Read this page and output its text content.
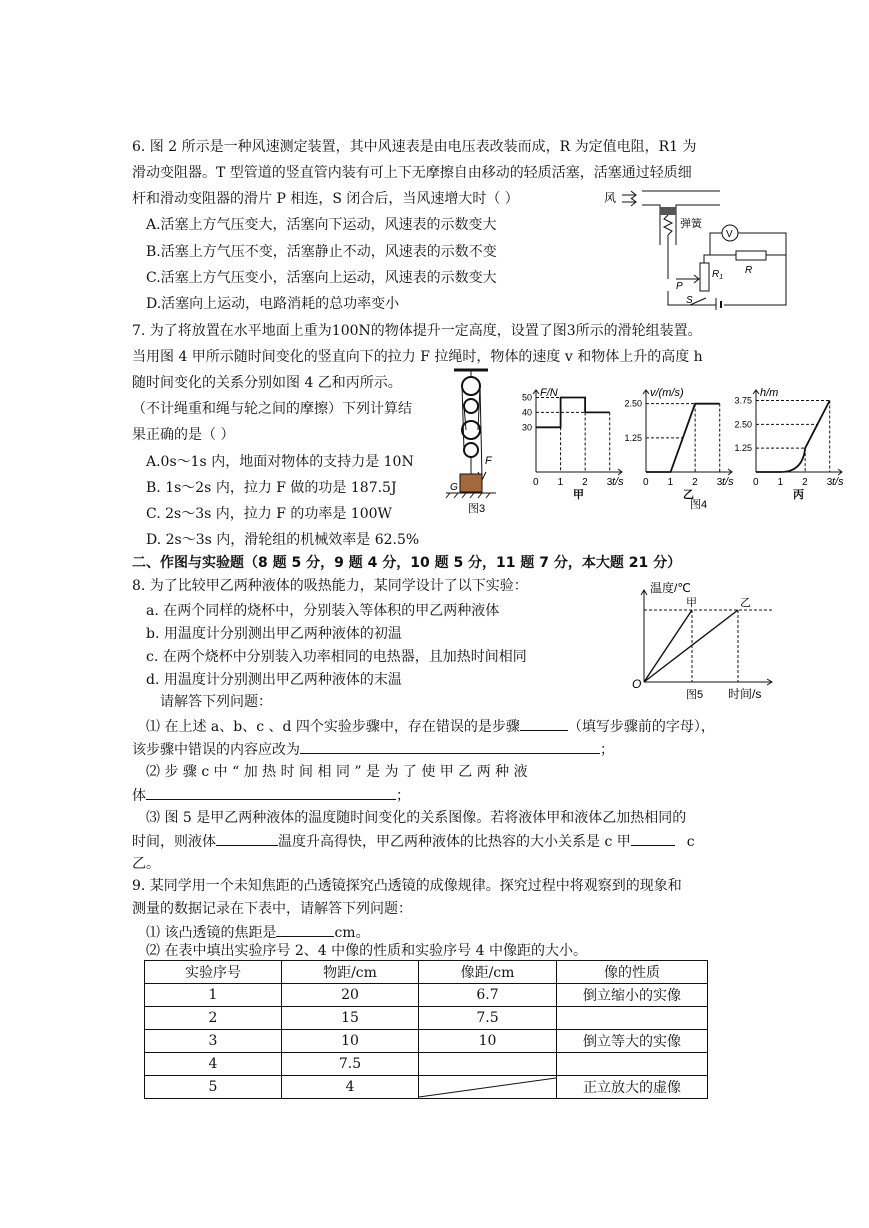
6. 图 2 所示是一种风速测定装置，其中风速表是由电压表改装而成，R 为定值电阻，R1 为
滑动变阻器。T 型管道的竖直管内装有可上下无摩擦自由移动的轻质活塞，活塞通过轻质细
杆和滑动变阻器的滑片 P 相连，S 闭合后，当风速增大时（ ）
A.活塞上方气压变大，活塞向下运动，风速表的示数变大
B.活塞上方气压不变，活塞静止不动，风速表的示数不变
C.活塞上方气压变小，活塞向上运动，风速表的示数变大
D.活塞向上运动，电路消耗的总功率变小
风
弹簧
V
R
$R_1$
P
S
7. 为了将放置在水平地面上重为100N的物体提升一定高度，设置了图3所示的滑轮组装置。
当用图 4 甲所示随时间变化的竖直向下的拉力 F 拉绳时，物体的速度 v 和物体上升的高度 h
随时间变化的关系分别如图 4 乙和丙所示。
（不计绳重和绳与轮之间的摩擦）下列计算结
果正确的是（ ）
A.0s～1s 内，地面对物体的支持力是 10N
B. 1s～2s 内，拉力 F 做的功是 187.5J
C. 2s～3s 内，拉力 F 的功率是 100W
D. 2s～3s 内，滑轮组的机械效率是 62.5%
F
G
图3
F/N
t/s
0 1 2 3
30
40
50
甲
v/(m/s)
t/s
0 1 2 3
1.25
2.50
乙
h/m
t/s
0 1 2 3
1.25
2.50
3.75
丙
图4
二、作图与实验题（8 题 5 分，9 题 4 分，10 题 5 分，11 题 7 分，本大题 21 分）
8. 为了比较甲乙两种液体的吸热能力，某同学设计了以下实验：
a. 在两个同样的烧杯中，分别装入等体积的甲乙两种液体
b. 用温度计分别测出甲乙两种液体的初温
c. 在两个烧杯中分别装入功率相同的电热器，且加热时间相同
d. 用温度计分别测出甲乙两种液体的末温
请解答下列问题：
⑴ 在上述 a、b、c 、d 四个实验步骤中，存在错误的是步骤	（填写步骤前的字母），
该步骤中错误的内容应改为	；
⑵ 步 骤 c 中 “ 加 热 时 间 相 同 ” 是 为 了 使 甲 乙 两 种 液
体	；
⑶ 图 5 是甲乙两种液体的温度随时间变化的关系图像。若将液体甲和液体乙加热相同的
时间，则液体	温度升高得快，甲乙两种液体的比热容的大小关系是 c 甲	c
乙。
温度/℃
时间/s
O
图5
甲	乙
9. 某同学用一个未知焦距的凸透镜探究凸透镜的成像规律。探究过程中将观察到的现象和
测量的数据记录在下表中，请解答下列问题：
⑴ 该凸透镜的焦距是	cm。
⑵ 在表中填出实验序号 2、4 中像的性质和实验序号 4 中像距的大小。
实验序号	物距/cm	像距/cm	像的性质
1	20	6.7	倒立缩小的实像
2	15	7.5	
3	10	10	倒立等大的实像
4	7.5		
5	4		正立放大的虚像
